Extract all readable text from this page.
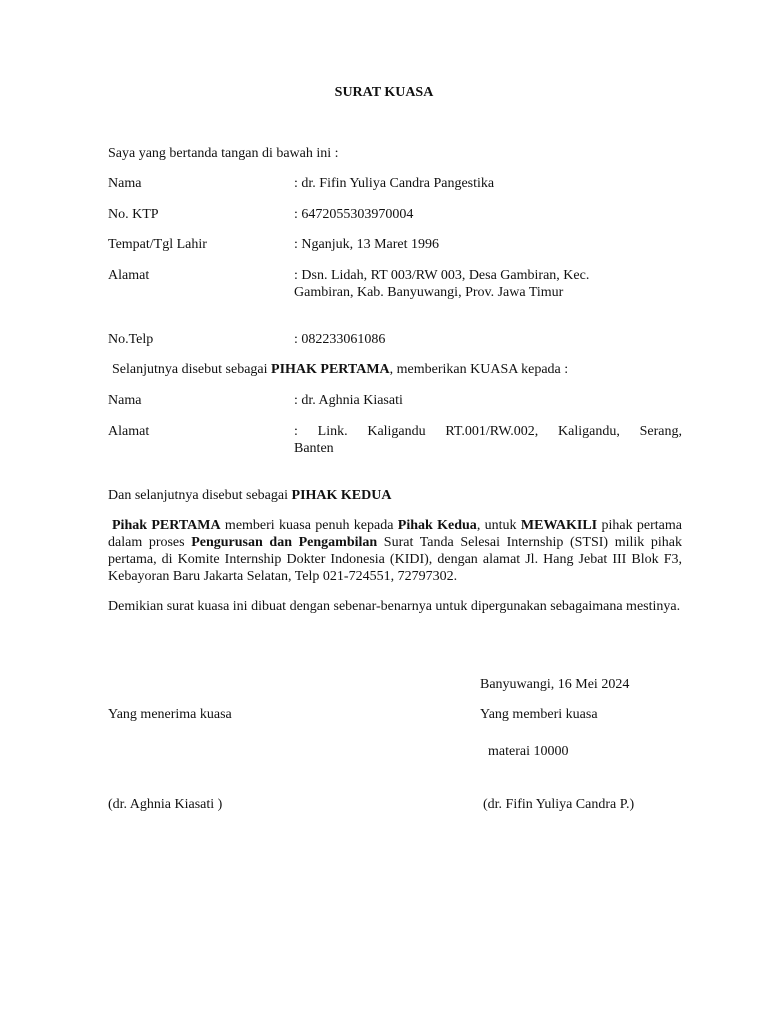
SURAT KUASA
Saya yang bertanda tangan di bawah ini :
Nama	: dr. Fifin Yuliya Candra Pangestika
No. KTP	: 6472055303970004
Tempat/Tgl Lahir	: Nganjuk, 13 Maret 1996
Alamat	: Dsn. Lidah, RT 003/RW 003, Desa Gambiran, Kec.
Gambiran, Kab. Banyuwangi, Prov. Jawa Timur
No.Telp	: 082233061086
Selanjutnya disebut sebagai PIHAK PERTAMA, memberikan KUASA kepada :
Nama	: dr. Aghnia Kiasati
Alamat	: Link. Kaligandu RT.001/RW.002, Kaligandu, Serang,
Banten
Dan selanjutnya disebut sebagai PIHAK KEDUA
Pihak PERTAMA memberi kuasa penuh kepada Pihak Kedua, untuk MEWAKILI pihak pertama dalam proses Pengurusan dan Pengambilan Surat Tanda Selesai Internship (STSI) milik pihak pertama, di Komite Internship Dokter Indonesia (KIDI), dengan alamat Jl. Hang Jebat III Blok F3, Kebayoran Baru Jakarta Selatan, Telp 021-724551, 72797302.
Demikian surat kuasa ini dibuat dengan sebenar-benarnya untuk dipergunakan sebagaimana mestinya.
Banyuwangi, 16 Mei 2024
Yang menerima kuasa	Yang memberi kuasa
materai 10000
(dr. Aghnia Kiasati )	(dr. Fifin Yuliya Candra P.)
